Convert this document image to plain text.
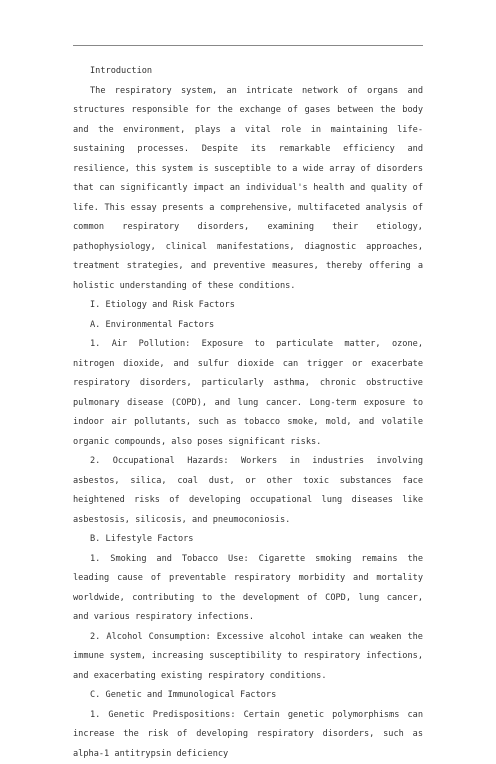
Introduction

The respiratory system, an intricate network of organs and structures responsible for the exchange of gases between the body and the environment, plays a vital role in maintaining life-sustaining processes. Despite its remarkable efficiency and resilience, this system is susceptible to a wide array of disorders that can significantly impact an individual's health and quality of life. This essay presents a comprehensive, multifaceted analysis of common respiratory disorders, examining their etiology, pathophysiology, clinical manifestations, diagnostic approaches, treatment strategies, and preventive measures, thereby offering a holistic understanding of these conditions.

I. Etiology and Risk Factors

A. Environmental Factors

1. Air Pollution: Exposure to particulate matter, ozone, nitrogen dioxide, and sulfur dioxide can trigger or exacerbate respiratory disorders, particularly asthma, chronic obstructive pulmonary disease (COPD), and lung cancer. Long-term exposure to indoor air pollutants, such as tobacco smoke, mold, and volatile organic compounds, also poses significant risks.

2. Occupational Hazards: Workers in industries involving asbestos, silica, coal dust, or other toxic substances face heightened risks of developing occupational lung diseases like asbestosis, silicosis, and pneumoconiosis.

B. Lifestyle Factors

1. Smoking and Tobacco Use: Cigarette smoking remains the leading cause of preventable respiratory morbidity and mortality worldwide, contributing to the development of COPD, lung cancer, and various respiratory infections.

2. Alcohol Consumption: Excessive alcohol intake can weaken the immune system, increasing susceptibility to respiratory infections, and exacerbating existing respiratory conditions.

C. Genetic and Immunological Factors

1. Genetic Predispositions: Certain genetic polymorphisms can increase the risk of developing respiratory disorders, such as alpha-1 antitrypsin deficiency
